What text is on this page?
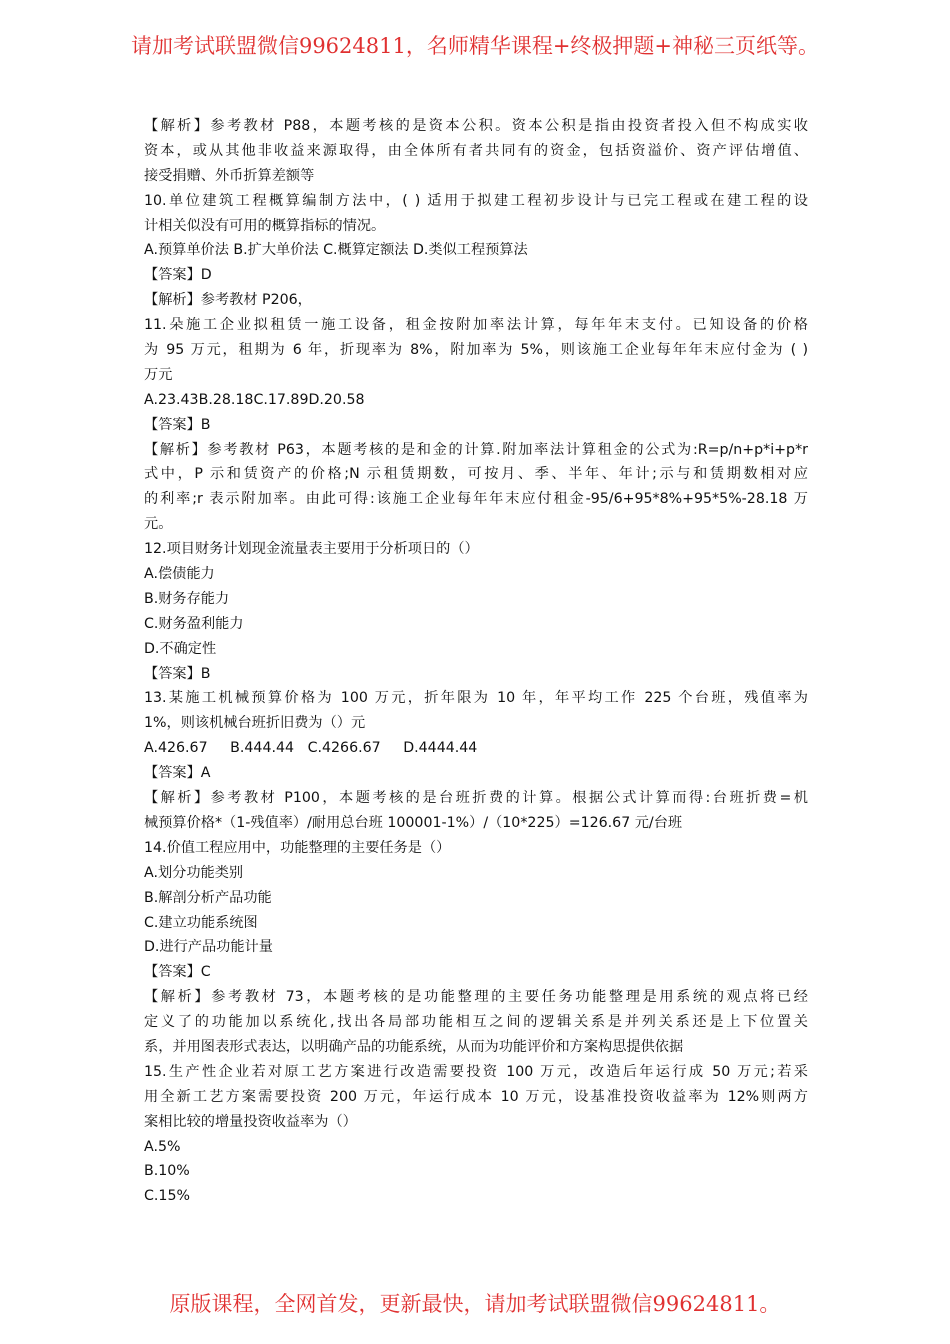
请加考试联盟微信99624811，名师精华课程+终极押题+神秘三页纸等。
【解析】参考教材 P88，本题考核的是资本公积。资本公积是指由投资者投入但不构成实收
资本，或从其他非收益来源取得，由全体所有者共同有的资金，包括资溢价、资产评估增值、
接受捐赠、外币折算差额等
10.单位建筑工程概算编制方法中，( ) 适用于拟建工程初步设计与已完工程或在建工程的设
计相关似没有可用的概算指标的情况。
A.预算单价法 B.扩大单价法 C.概算定额法 D.类似工程预算法
【答案】D
【解析】参考教材 P206，
11.朵施工企业拟租赁一施工设备，租金按附加率法计算，每年年末支付。已知设备的价格
为 95 万元，租期为 6 年，折现率为 8%，附加率为 5%，则该施工企业每年年末应付金为 ( )
万元
A.23.43B.28.18C.17.89D.20.58
【答案】B
【解析】参考教材 P63，本题考核的是和金的计算.附加率法计算租金的公式为:R=p/n+p*i+p*r
式中，P 示和赁资产的价格;N 示租赁期数，可按月、季、半年、年计;示与和赁期数相对应
的利率;r 表示附加率。由此可得:该施工企业每年年末应付租金-95/6+95*8%+95*5%-28.18 万
元。
12.项目财务计划现金流量表主要用于分析项日的（）
A.偿债能力
B.财务存能力
C.财务盈利能力
D.不确定性
【答案】B
13.某施工机械预算价格为 100 万元，折年限为 10 年，年平均工作 225 个台班，残值率为
1%，则该机械台班折旧费为（）元
A.426.67     B.444.44   C.4266.67     D.4444.44
【答案】A
【解析】参考教材 P100，本题考核的是台班折费的计算。根据公式计算而得:台班折费=机
械预算价格*（1-残值率）/耐用总台班 100001-1%）/（10*225）=126.67 元/台班
14.价值工程应用中，功能整理的主要任务是（）
A.划分功能类别
B.解剖分析产品功能
C.建立功能系统图
D.进行产品功能计量
【答案】C
【解析】参考教材 73，本题考核的是功能整理的主要任务功能整理是用系统的观点将已经
定义了的功能加以系统化,找出各局部功能相互之间的逻辑关系是并列关系还是上下位置关
系，并用图表形式表达，以明确产品的功能系统，从而为功能评价和方案构思提供依据
15.生产性企业若对原工艺方案进行改造需要投资 100 万元，改造后年运行成 50 万元;若采
用全新工艺方案需要投资 200 万元，年运行成本 10 万元，设基准投资收益率为 12%则两方
案相比较的增量投资收益率为（）
A.5%
B.10%
C.15%
原版课程，全网首发，更新最快，请加考试联盟微信99624811。
